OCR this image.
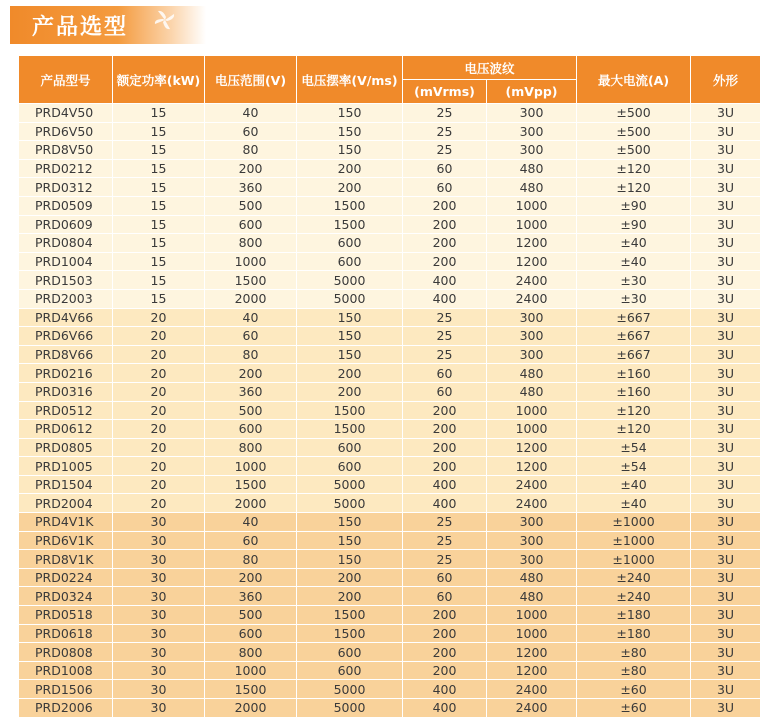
产品选型
产品型号	额定功率(kW)	电压范围(V)	电压摆率(V/ms)	电压波纹		最大电流(A)	外形
				(mVrms)	(mVpp)		
PRD4V50	15	40	150	25	300	±500	3U
PRD6V50	15	60	150	25	300	±500	3U
PRD8V50	15	80	150	25	300	±500	3U
PRD0212	15	200	200	60	480	±120	3U
PRD0312	15	360	200	60	480	±120	3U
PRD0509	15	500	1500	200	1000	±90	3U
PRD0609	15	600	1500	200	1000	±90	3U
PRD0804	15	800	600	200	1200	±40	3U
PRD1004	15	1000	600	200	1200	±40	3U
PRD1503	15	1500	5000	400	2400	±30	3U
PRD2003	15	2000	5000	400	2400	±30	3U
PRD4V66	20	40	150	25	300	±667	3U
PRD6V66	20	60	150	25	300	±667	3U
PRD8V66	20	80	150	25	300	±667	3U
PRD0216	20	200	200	60	480	±160	3U
PRD0316	20	360	200	60	480	±160	3U
PRD0512	20	500	1500	200	1000	±120	3U
PRD0612	20	600	1500	200	1000	±120	3U
PRD0805	20	800	600	200	1200	±54	3U
PRD1005	20	1000	600	200	1200	±54	3U
PRD1504	20	1500	5000	400	2400	±40	3U
PRD2004	20	2000	5000	400	2400	±40	3U
PRD4V1K	30	40	150	25	300	±1000	3U
PRD6V1K	30	60	150	25	300	±1000	3U
PRD8V1K	30	80	150	25	300	±1000	3U
PRD0224	30	200	200	60	480	±240	3U
PRD0324	30	360	200	60	480	±240	3U
PRD0518	30	500	1500	200	1000	±180	3U
PRD0618	30	600	1500	200	1000	±180	3U
PRD0808	30	800	600	200	1200	±80	3U
PRD1008	30	1000	600	200	1200	±80	3U
PRD1506	30	1500	5000	400	2400	±60	3U
PRD2006	30	2000	5000	400	2400	±60	3U
